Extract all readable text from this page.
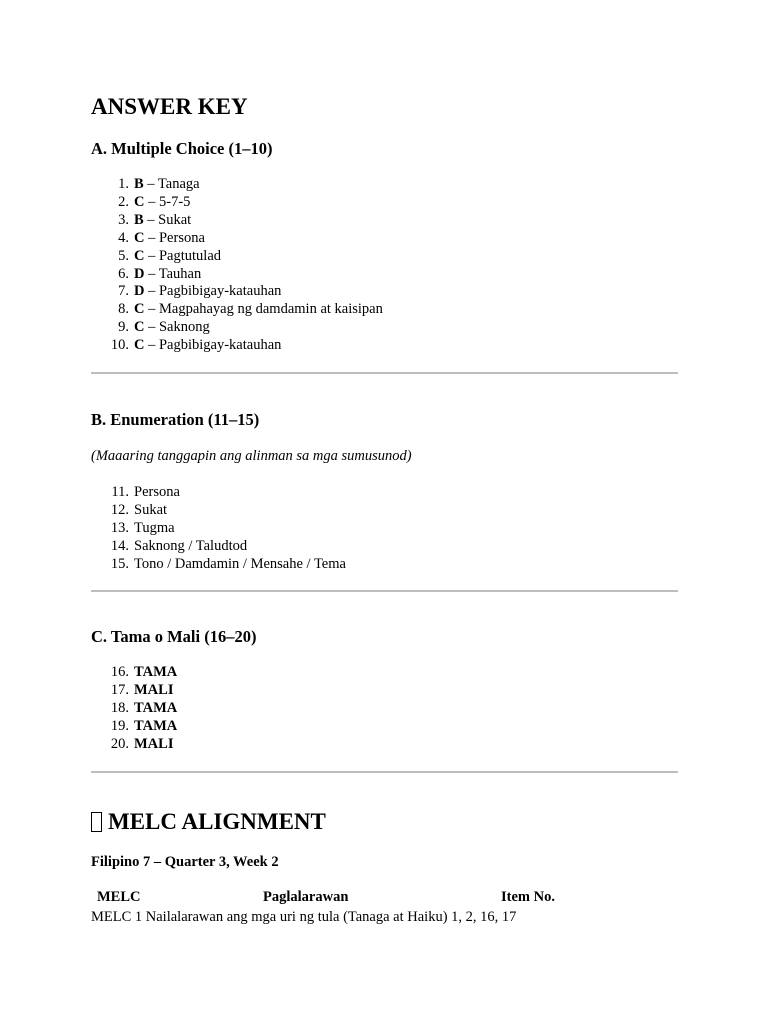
ANSWER KEY
A. Multiple Choice (1–10)
1. B – Tanaga
2. C – 5-7-5
3. B – Sukat
4. C – Persona
5. C – Pagtutulad
6. D – Tauhan
7. D – Pagbibigay-katauhan
8. C – Magpahayag ng damdamin at kaisipan
9. C – Saknong
10. C – Pagbibigay-katauhan
B. Enumeration (11–15)
(Maaaring tanggapin ang alinman sa mga sumusunod)
11. Persona
12. Sukat
13. Tugma
14. Saknong / Taludtod
15. Tono / Damdamin / Mensahe / Tema
C. Tama o Mali (16–20)
16. TAMA
17. MALI
18. TAMA
19. TAMA
20. MALI
MELC ALIGNMENT
Filipino 7 – Quarter 3, Week 2
MELC	Paglalarawan	Item No.
MELC 1 Nailalarawan ang mga uri ng tula (Tanaga at Haiku) 1, 2, 16, 17
